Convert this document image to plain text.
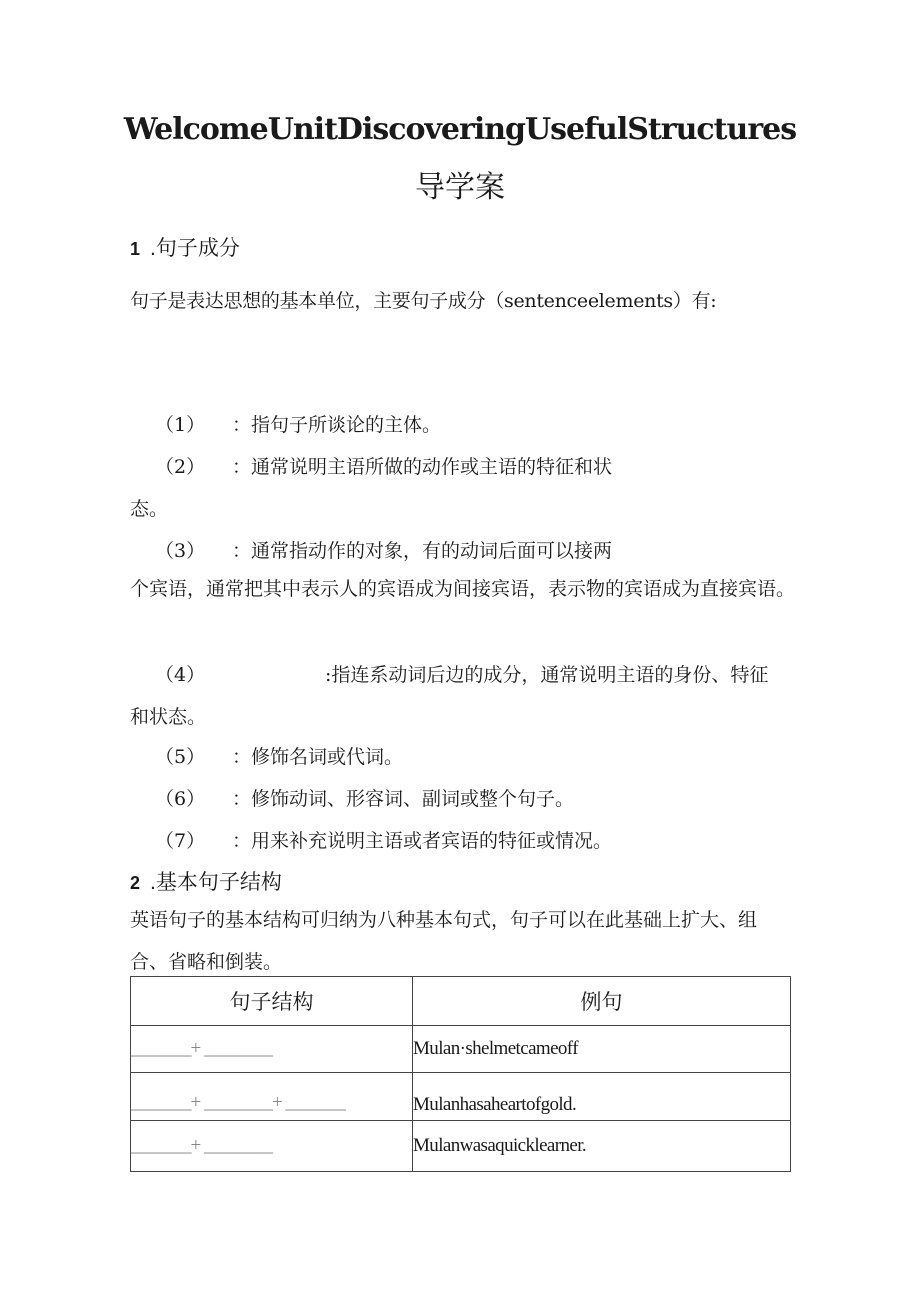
WelcomeUnitDiscoveringUsefulStructures
导学案
1 .句子成分
句子是表达思想的基本单位，主要句子成分（sentenceelements）有:
（1） ：指句子所谈论的主体。
（2） ：通常说明主语所做的动作或主语的特征和状
态。
（3） ：通常指动作的对象，有的动词后面可以接两
个宾语，通常把其中表示人的宾语成为间接宾语，表示物的宾语成为直接宾语。
（4）	:指连系动词后边的成分，通常说明主语的身份、特征
和状态。
（5） ：修饰名词或代词。
（6） ：修饰动词、形容词、副词或整个句子。
（7） ：用来补充说明主语或者宾语的特征或情况。
2 .基本句子结构
英语句子的基本结构可归纳为八种基本句式，句子可以在此基础上扩大、组合、省略和倒装。
句子结构	例句
_______+ ________	Mulan·shelmetcameoff
_______+ ________+ _______	Mulanhasaheartofgold.
_______+ ________	Mulanwasaquicklearner.
